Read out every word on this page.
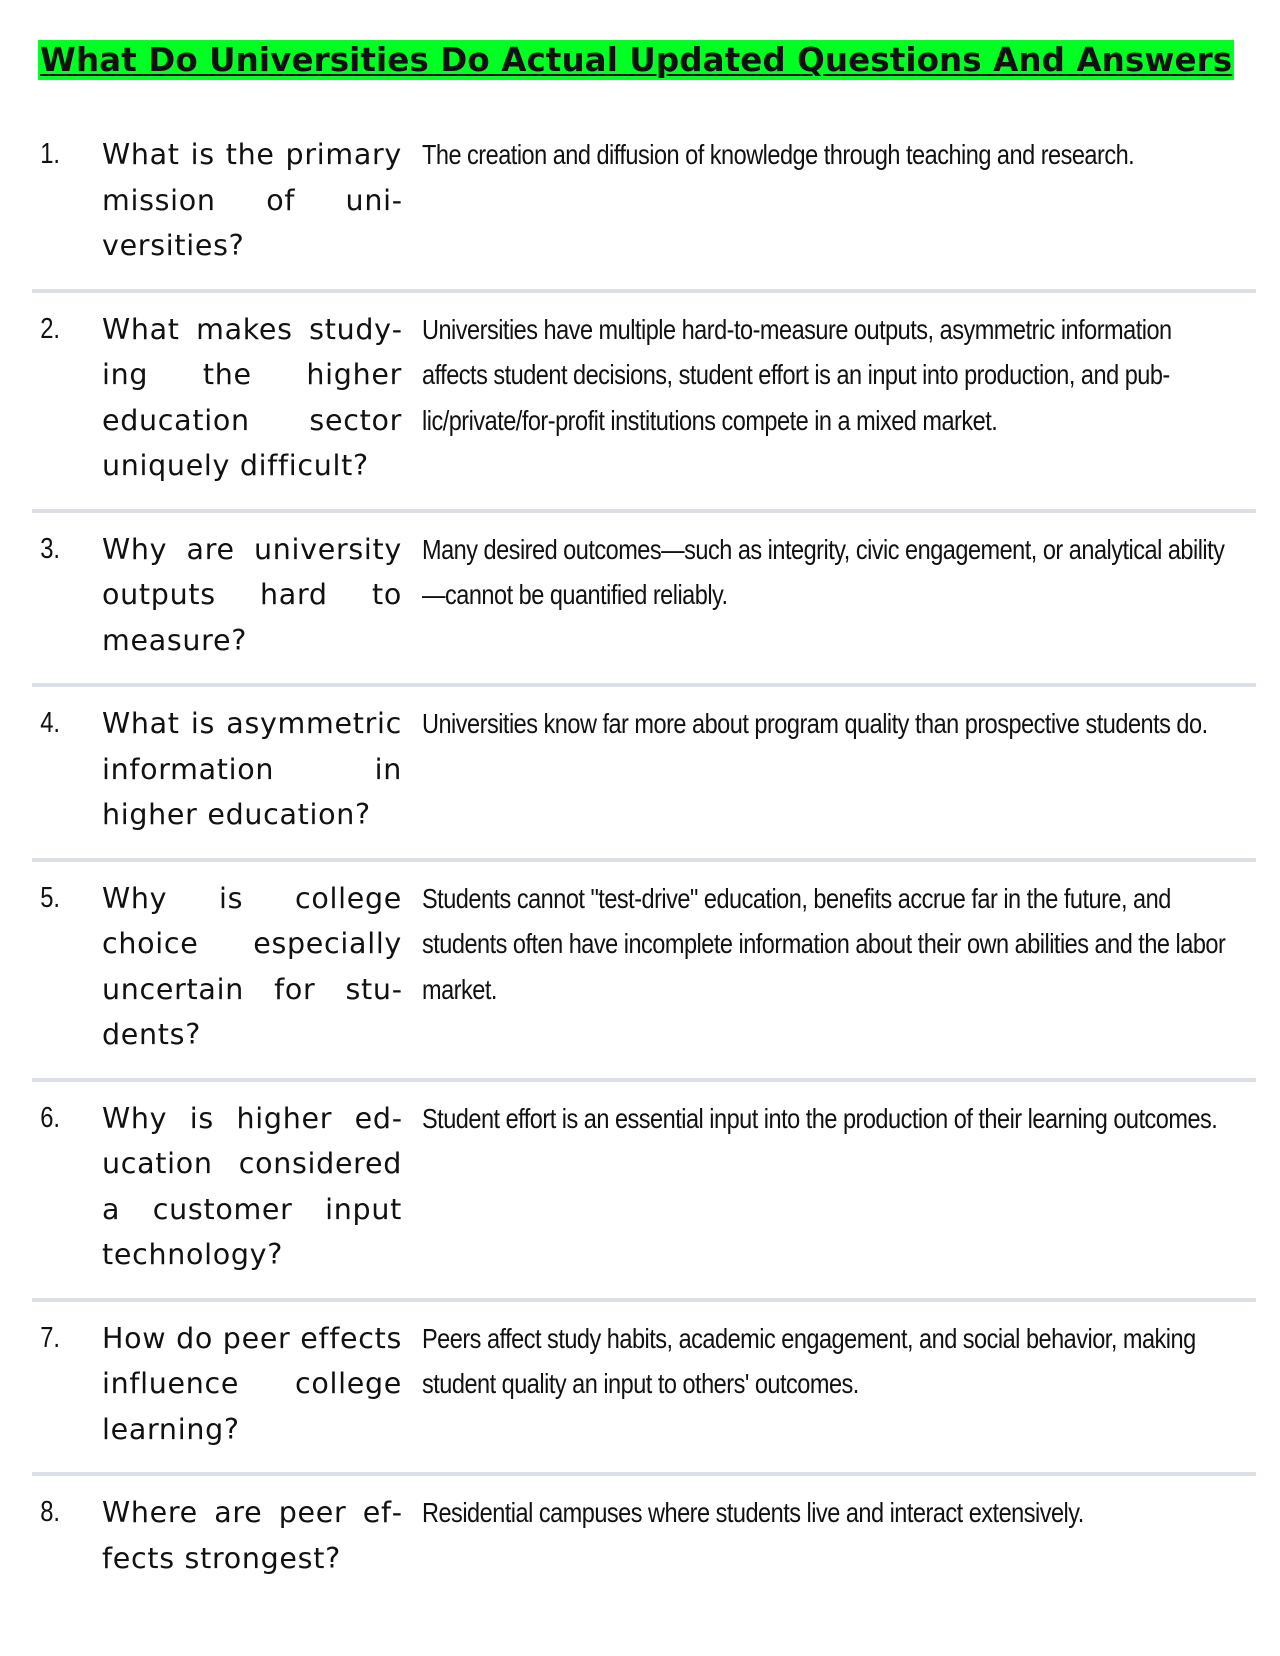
What Do Universities Do Actual Updated Questions And Answers
1.	What is the primary mission of universities?
The creation and diffusion of knowledge through teaching and research.
2.	What makes studying the higher education sector uniquely difficult?
Universities have multiple hard-to-measure outputs, asymmetric information affects student decisions, student effort is an input into production, and public/private/for-profit institutions compete in a mixed market.
3.	Why are university outputs hard to measure?
Many desired outcomes—such as integrity, civic engagement, or analytical ability—cannot be quantified reliably.
4.	What is asymmetric information in higher education?
Universities know far more about program quality than prospective students do.
5.	Why is college choice especially uncertain for students?
Students cannot "test-drive" education, benefits accrue far in the future, and students often have incomplete information about their own abilities and the labor market.
6.	Why is higher education considered a customer input technology?
Student effort is an essential input into the production of their learning outcomes.
7.	How do peer effects influence college learning?
Peers affect study habits, academic engagement, and social behavior, making student quality an input to others' outcomes.
8.	Where are peer effects strongest?
Residential campuses where students live and interact extensively.
